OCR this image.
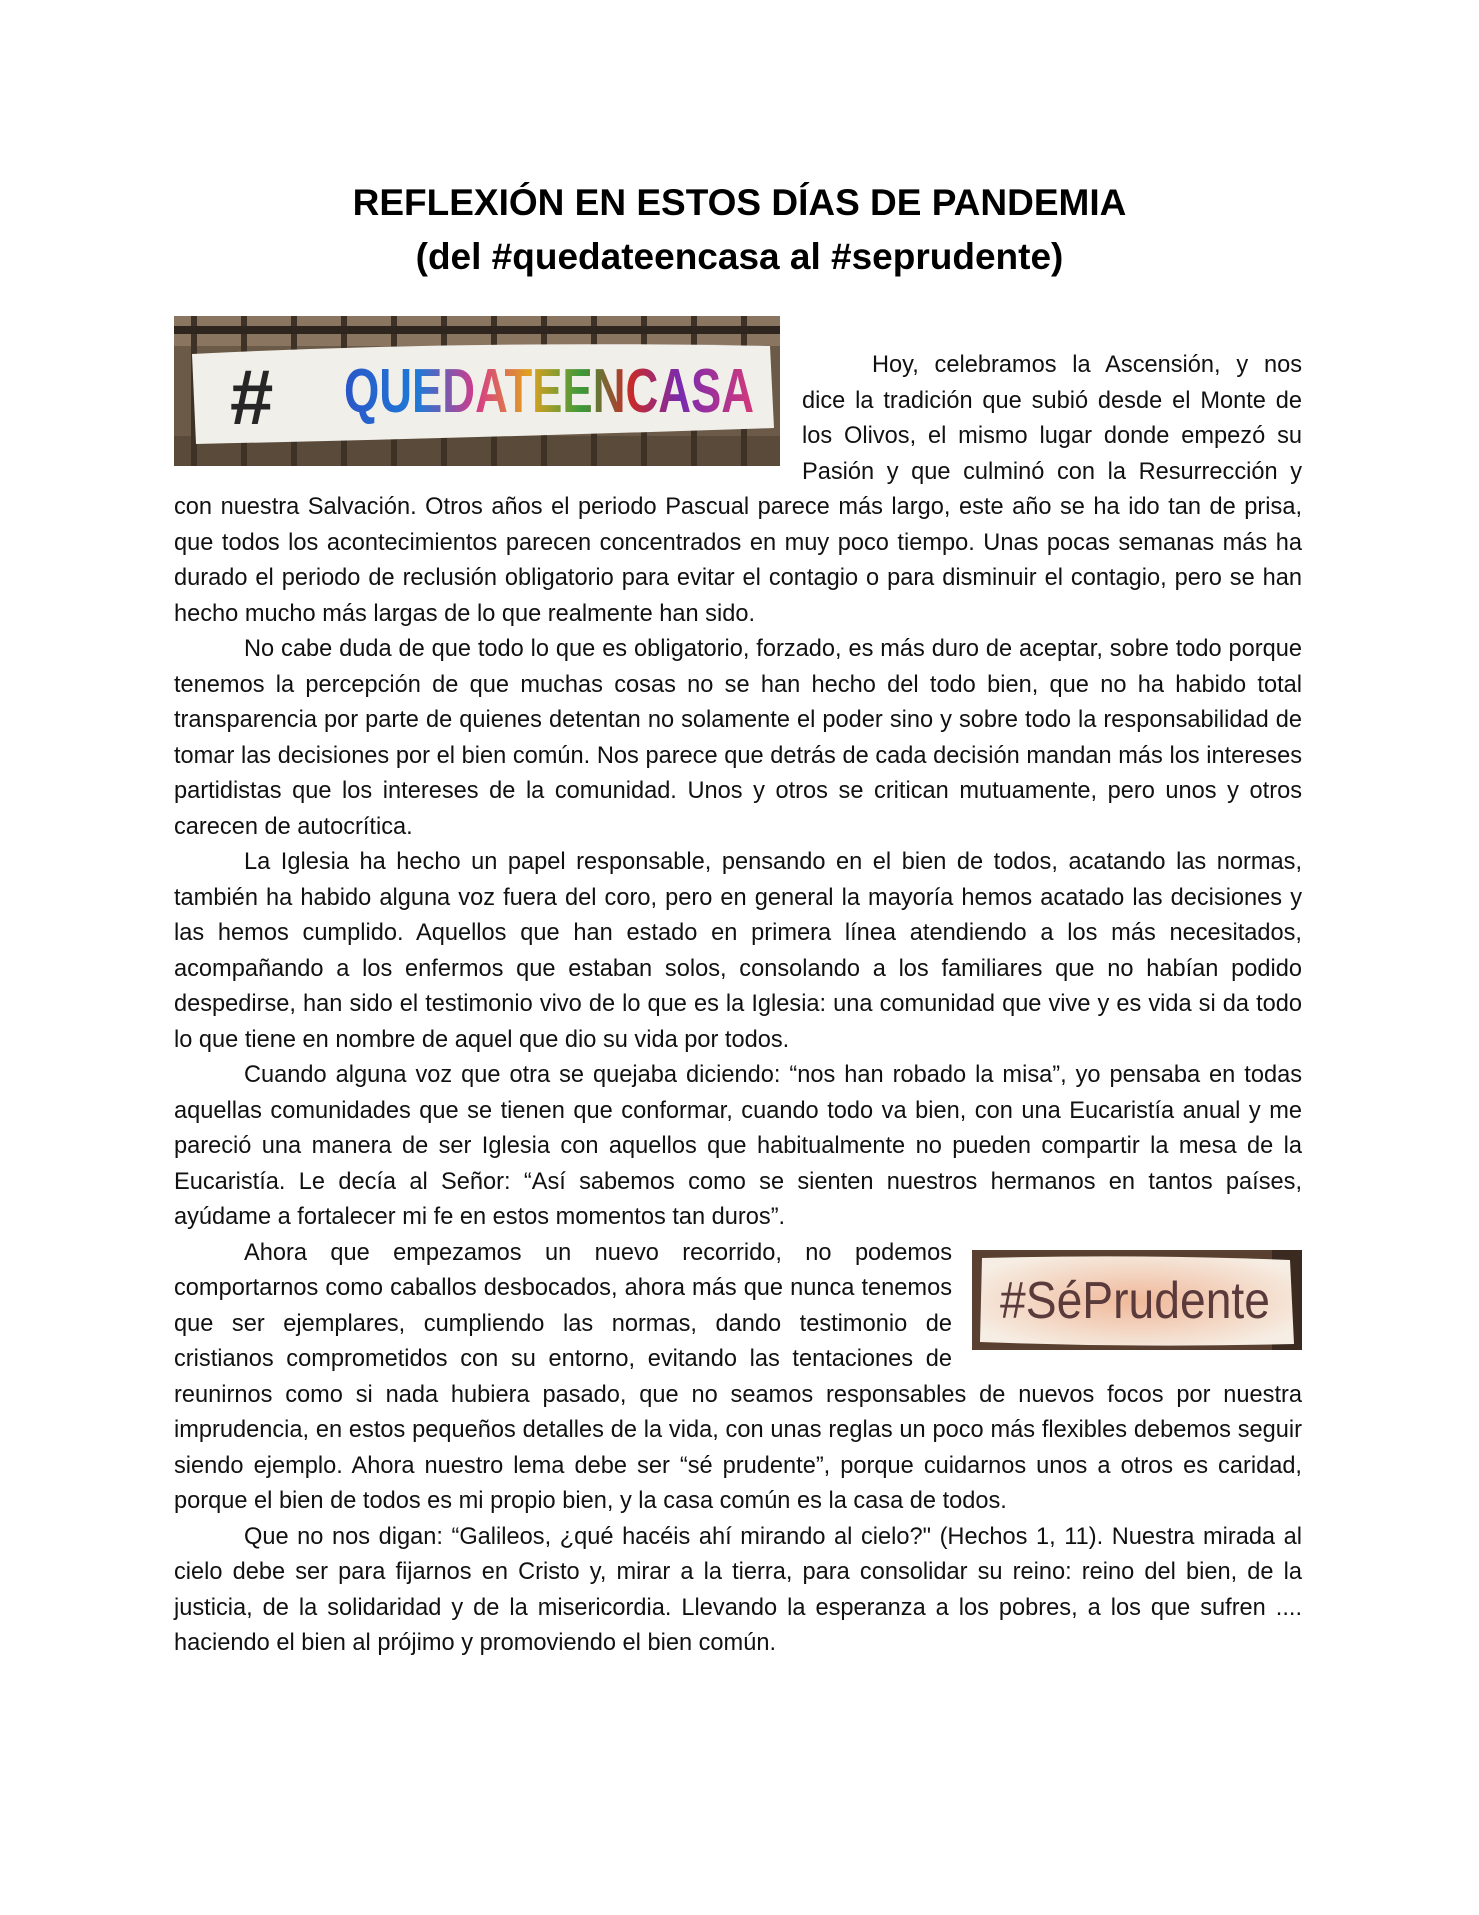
REFLEXIÓN EN ESTOS DÍAS DE PANDEMIA
(del #quedateencasa al #seprudente)
# QUEDATEENCASA	Hoy, celebramos la Ascensión, y nos dice la tradición que subió desde el Monte de los Olivos, el mismo lugar donde empezó su Pasión y que culminó con la Resurrección y con nuestra Salvación. Otros años el periodo Pascual parece más largo, este año se ha ido tan de prisa, que todos los acontecimientos parecen concentrados en muy poco tiempo. Unas pocas semanas más ha durado el periodo de reclusión obligatorio para evitar el contagio o para disminuir el contagio, pero se han hecho mucho más largas de lo que realmente han sido.

No cabe duda de que todo lo que es obligatorio, forzado, es más duro de aceptar, sobre todo porque tenemos la percepción de que muchas cosas no se han hecho del todo bien, que no ha habido total transparencia por parte de quienes detentan no solamente el poder sino y sobre todo la responsabilidad de tomar las decisiones por el bien común. Nos parece que detrás de cada decisión mandan más los intereses partidistas que los intereses de la comunidad. Unos y otros se critican mutuamente, pero unos y otros carecen de autocrítica.

La Iglesia ha hecho un papel responsable, pensando en el bien de todos, acatando las normas, también ha habido alguna voz fuera del coro, pero en general la mayoría hemos acatado las decisiones y las hemos cumplido. Aquellos que han estado en primera línea atendiendo a los más necesitados, acompañando a los enfermos que estaban solos, consolando a los familiares que no habían podido despedirse, han sido el testimonio vivo de lo que es la Iglesia: una comunidad que vive y es vida si da todo lo que tiene en nombre de aquel que dio su vida por todos.

Cuando alguna voz que otra se quejaba diciendo: “nos han robado la misa”, yo pensaba en todas aquellas comunidades que se tienen que conformar, cuando todo va bien, con una Eucaristía anual y me pareció una manera de ser Iglesia con aquellos que habitualmente no pueden compartir la mesa de la Eucaristía. Le decía al Señor: “Así sabemos como se sienten nuestros hermanos en tantos países, ayúdame a fortalecer mi fe en estos momentos tan duros”.

#SéPrudente

Ahora que empezamos un nuevo recorrido, no podemos comportarnos como caballos desbocados, ahora más que nunca tenemos que ser ejemplares, cumpliendo las normas, dando testimonio de cristianos comprometidos con su entorno, evitando las tentaciones de reunirnos como si nada hubiera pasado, que no seamos responsables de nuevos focos por nuestra imprudencia, en estos pequeños detalles de la vida, con unas reglas un poco más flexibles debemos seguir siendo ejemplo. Ahora nuestro lema debe ser “sé prudente”, porque cuidarnos unos a otros es caridad, porque el bien de todos es mi propio bien, y la casa común es la casa de todos.

Que no nos digan: “Galileos, ¿qué hacéis ahí mirando al cielo?" (Hechos 1, 11). Nuestra mirada al cielo debe ser para fijarnos en Cristo y, mirar a la tierra, para consolidar su reino: reino del bien, de la justicia, de la solidaridad y de la misericordia. Llevando la esperanza a los pobres, a los que sufren .... haciendo el bien al prójimo y promoviendo el bien común.
